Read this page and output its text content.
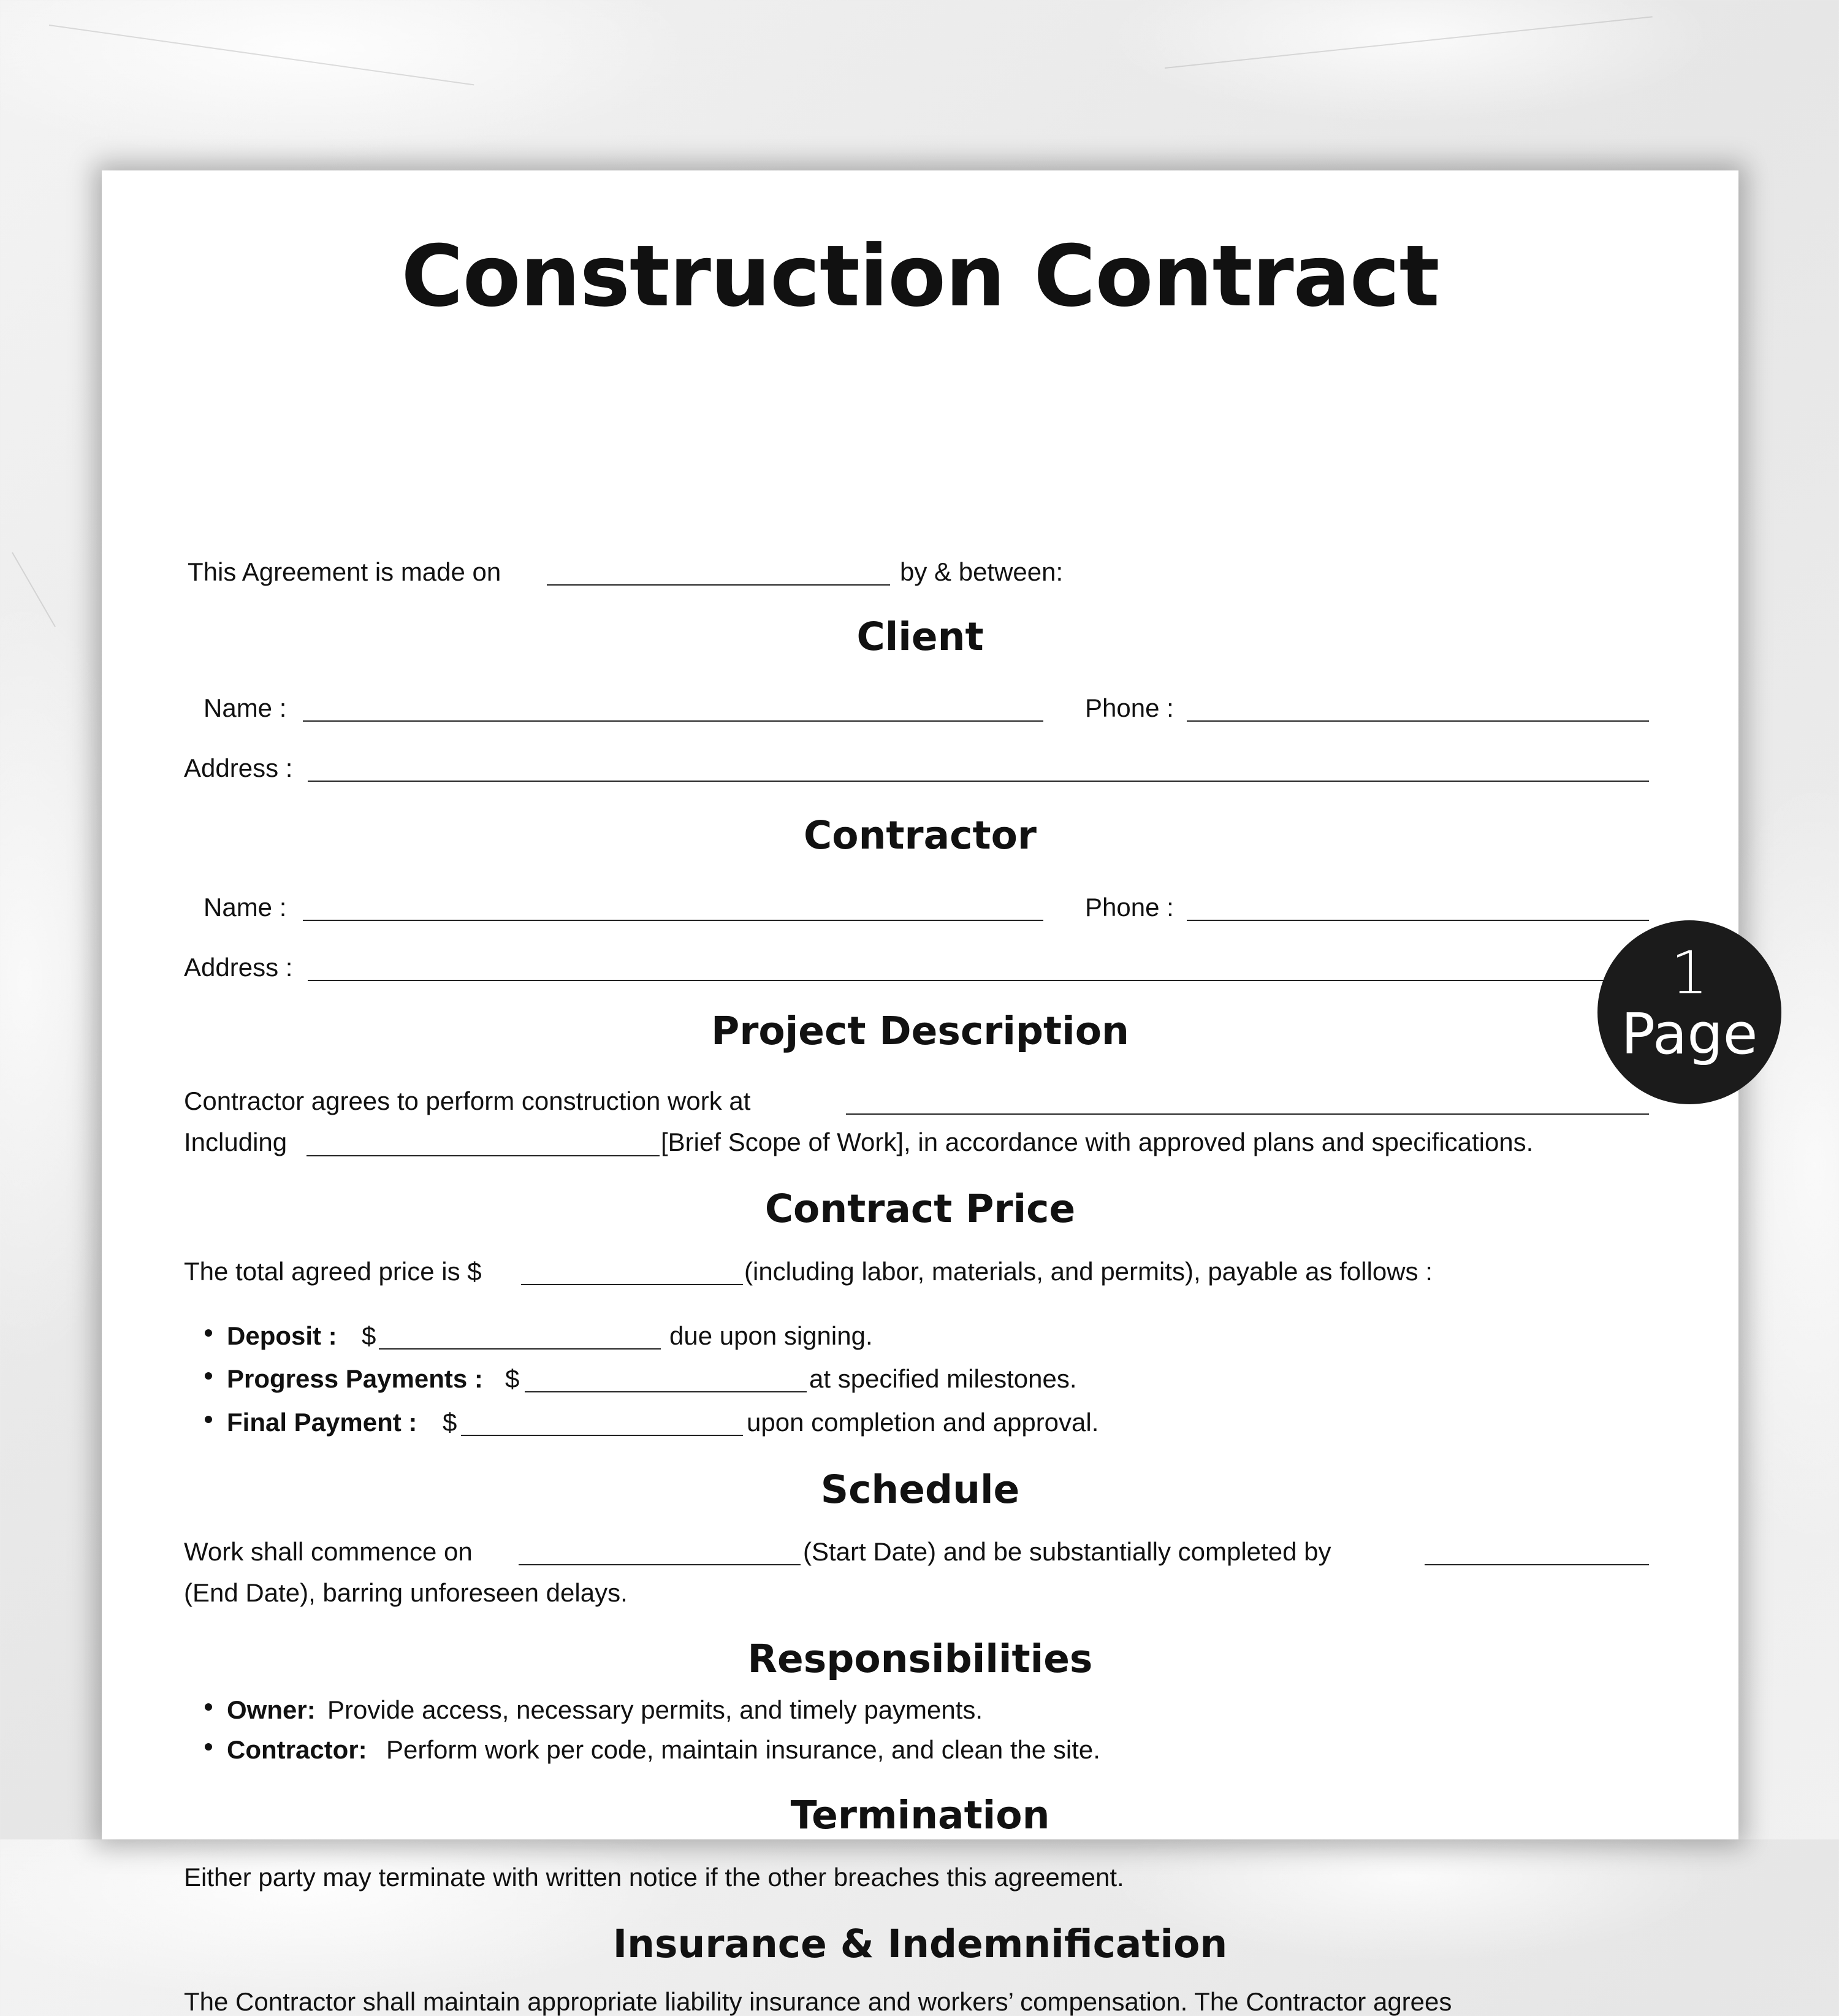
Construction Contract
This Agreement is made on	by & between:
Client
Name :	Phone :
Address :
Contractor
Name :	Phone :
Address :
Project Description
Contractor agrees to perform construction work at
Including	[Brief Scope of Work], in accordance with approved plans and specifications.
Contract Price
The total agreed price is $	(including labor, materials, and permits), payable as follows :
Deposit : $	due upon signing.
Progress Payments : $	at specified milestones.
Final Payment : $	upon completion and approval.
Schedule
Work shall commence on	(Start Date) and be substantially completed by
(End Date), barring unforeseen delays.
Responsibilities
Owner: Provide access, necessary permits, and timely payments.
Contractor: Perform work per code, maintain insurance, and clean the site.
Termination
Either party may terminate with written notice if the other breaches this agreement.
Insurance & Indemnification
The Contractor shall maintain appropriate liability insurance and workers’ compensation. The Contractor agrees
1
Page
